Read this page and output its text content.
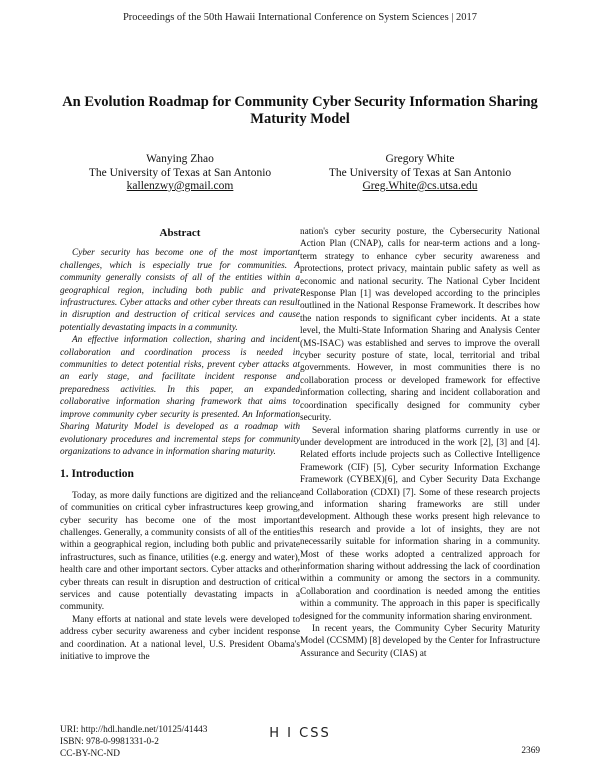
Proceedings of the 50th Hawaii International Conference on System Sciences | 2017
An Evolution Roadmap for Community Cyber Security Information Sharing Maturity Model
Wanying Zhao
The University of Texas at San Antonio
kallenzwy@gmail.com
Gregory White
The University of Texas at San Antonio
Greg.White@cs.utsa.edu
Abstract

Cyber security has become one of the most important challenges, which is especially true for communities. A community generally consists of all of the entities within a geographical region, including both public and private infrastructures. Cyber attacks and other cyber threats can result in disruption and destruction of critical services and cause potentially devastating impacts in a community.

An effective information collection, sharing and incident collaboration and coordination process is needed in communities to detect potential risks, prevent cyber attacks at an early stage, and facilitate incident response and preparedness activities. In this paper, an expanded collaborative information sharing framework that aims to improve community cyber security is presented. An Information Sharing Maturity Model is developed as a roadmap with evolutionary procedures and incremental steps for community organizations to advance in information sharing maturity.

1. Introduction

Today, as more daily functions are digitized and the reliance of communities on critical cyber infrastructures keep growing, cyber security has become one of the most important challenges. Generally, a community consists of all of the entities within a geographical region, including both public and private infrastructures, such as finance, utilities (e.g. energy and water), health care and other important sectors. Cyber attacks and other cyber threats can result in disruption and destruction of critical services and cause potentially devastating impacts in a community.

Many efforts at national and state levels were developed to address cyber security awareness and cyber incident response and coordination. At a national level, U.S. President Obama's initiative to improve the

nation's cyber security posture, the Cybersecurity National Action Plan (CNAP), calls for near-term actions and a long-term strategy to enhance cyber security awareness and protections, protect privacy, maintain public safety as well as economic and national security. The National Cyber Incident Response Plan [1] was developed according to the principles outlined in the National Response Framework. It describes how the nation responds to significant cyber incidents. At a state level, the Multi-State Information Sharing and Analysis Center (MS-ISAC) was established and serves to improve the overall cyber security posture of state, local, territorial and tribal governments. However, in most communities there is no collaboration process or developed framework for effective information collecting, sharing and incident collaboration and coordination specifically designed for community cyber security.

Several information sharing platforms currently in use or under development are introduced in the work [2], [3] and [4]. Related efforts include projects such as Collective Intelligence Framework (CIF) [5], Cyber security Information Exchange Framework (CYBEX)[6], and Cyber Security Data Exchange and Collaboration (CDXI) [7]. Some of these research projects and information sharing frameworks are still under development. Although these works present high relevance to this research and provide a lot of insights, they are not necessarily suitable for information sharing in a community. Most of these works adopted a centralized approach for information sharing without addressing the lack of coordination within a community or among the sectors in a community. Collaboration and coordination is needed among the entities within a community. The approach in this paper is specifically designed for the community information sharing environment.

In recent years, the Community Cyber Security Maturity Model (CCSMM) [8] developed by the Center for Infrastructure Assurance and Security (CIAS) at

URI: http://hdl.handle.net/10125/41443
ISBN: 978-0-9981331-0-2
CC-BY-NC-ND
H I CSS
2369
